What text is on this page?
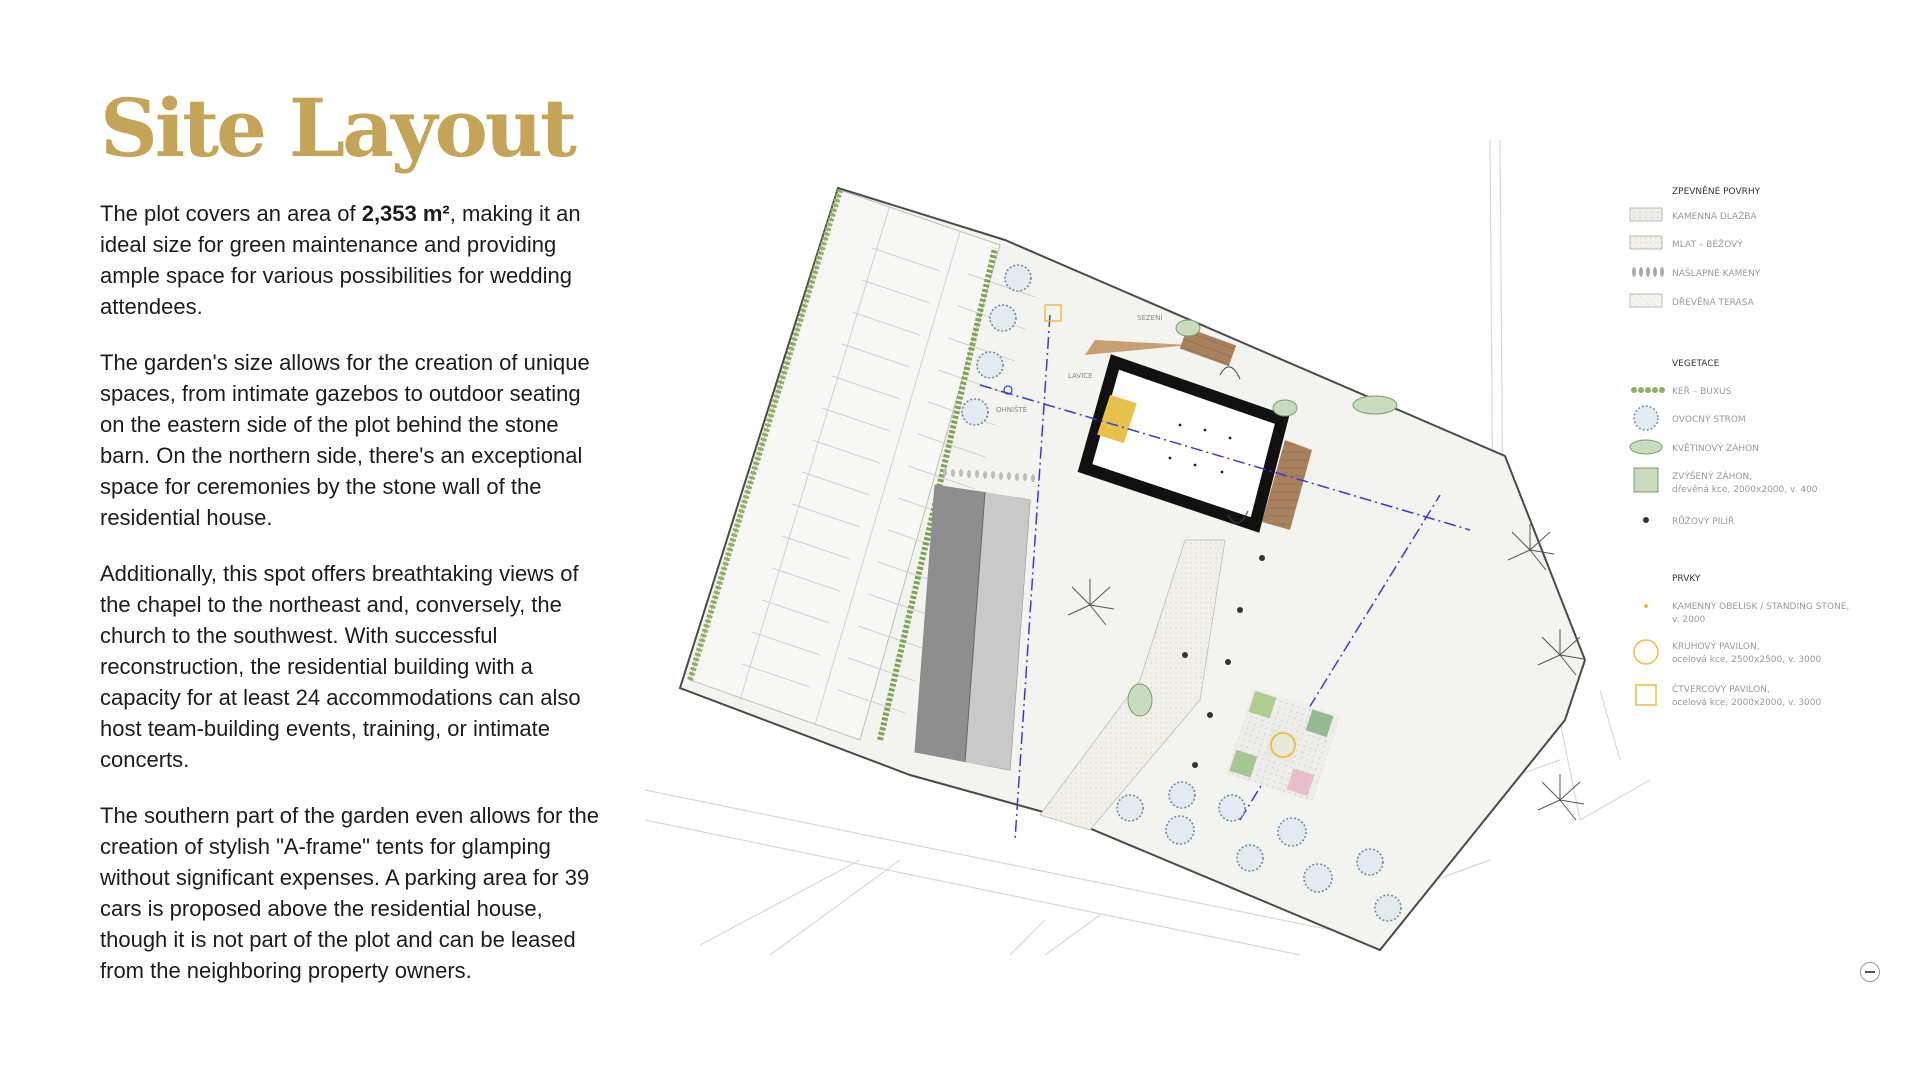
Site Layout

The plot covers an area of 2,353 m², making it an ideal size for green maintenance and providing ample space for various possibilities for wedding attendees.

The garden's size allows for the creation of unique spaces, from intimate gazebos to outdoor seating on the eastern side of the plot behind the stone barn. On the northern side, there's an exceptional space for ceremonies by the stone wall of the residential house.

Additionally, this spot offers breathtaking views of the chapel to the northeast and, conversely, the church to the southwest. With successful reconstruction, the residential building with a capacity for at least 24 accommodations can also host team-building events, training, or intimate concerts.

The southern part of the garden even allows for the creation of stylish "A-frame" tents for glamping without significant expenses. A parking area for 39 cars is proposed above the residential house, though it is not part of the plot and can be leased from the neighboring property owners.

SEZENÍ
LAVICE
OHNIŠTĚ
ZPEVNĚNÉ POVRHY
KAMENNÁ DLAŽBA
MLAT – BÉŽOVÝ
NÁŠLAPNÉ KAMENY
DŘEVĚNÁ TERASA
VEGETACE
KEŘ – BUXUS
OVOCNÝ STROM
KVĚTINOVÝ ZÁHON
ZVÝŠENÝ ZÁHON,
dřevěná kce, 2000x2000, v. 400
RŮŽOVÝ PILÍŘ
PRVKY
KAMENNÝ OBELISK / STANDING STONE,
v. 2000
KRUHOVÝ PAVILON,
ocelová kce, 2500x2500, v. 3000
ČTVERCOVÝ PAVILON,
ocelová kce, 2000x2000, v. 3000
